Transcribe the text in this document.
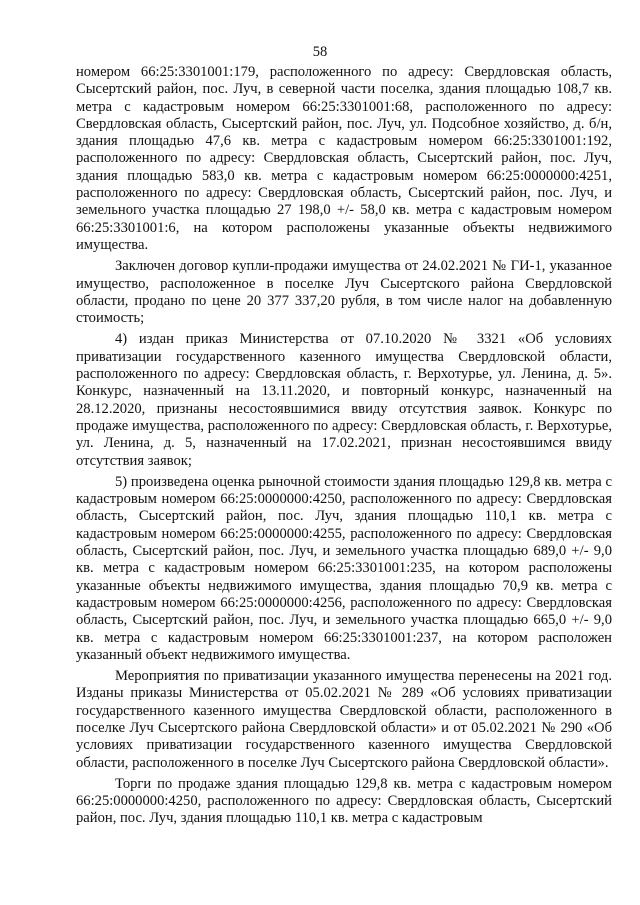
58

номером 66:25:3301001:179, расположенного по адресу: Свердловская область, Сысертский район, пос. Луч, в северной части поселка, здания площадью 108,7 кв. метра с кадастровым номером 66:25:3301001:68, расположенного по адресу: Свердловская область, Сысертский район, пос. Луч, ул. Подсобное хозяйство, д. б/н, здания площадью 47,6 кв. метра с кадастровым номером 66:25:3301001:192, расположенного по адресу: Свердловская область, Сысертский район, пос. Луч, здания площадью 583,0 кв. метра с кадастровым номером 66:25:0000000:4251, расположенного по адресу: Свердловская область, Сысертский район, пос. Луч, и земельного участка площадью 27 198,0 +/- 58,0 кв. метра с кадастровым номером 66:25:3301001:6, на котором расположены указанные объекты недвижимого имущества.

Заключен договор купли-продажи имущества от 24.02.2021 № ГИ-1, указанное имущество, расположенное в поселке Луч Сысертского района Свердловской области, продано по цене 20 377 337,20 рубля, в том числе налог на добавленную стоимость;

4) издан приказ Министерства от 07.10.2020 № 3321 «Об условиях приватизации государственного казенного имущества Свердловской области, расположенного по адресу: Свердловская область, г. Верхотурье, ул. Ленина, д. 5». Конкурс, назначенный на 13.11.2020, и повторный конкурс, назначенный на 28.12.2020, признаны несостоявшимися ввиду отсутствия заявок. Конкурс по продаже имущества, расположенного по адресу: Свердловская область, г. Верхотурье, ул. Ленина, д. 5, назначенный на 17.02.2021, признан несостоявшимся ввиду отсутствия заявок;

5) произведена оценка рыночной стоимости здания площадью 129,8 кв. метра с кадастровым номером 66:25:0000000:4250, расположенного по адресу: Свердловская область, Сысертский район, пос. Луч, здания площадью 110,1 кв. метра с кадастровым номером 66:25:0000000:4255, расположенного по адресу: Свердловская область, Сысертский район, пос. Луч, и земельного участка площадью 689,0 +/- 9,0 кв. метра с кадастровым номером 66:25:3301001:235, на котором расположены указанные объекты недвижимого имущества, здания площадью 70,9 кв. метра с кадастровым номером 66:25:0000000:4256, расположенного по адресу: Свердловская область, Сысертский район, пос. Луч, и земельного участка площадью 665,0 +/- 9,0 кв. метра с кадастровым номером 66:25:3301001:237, на котором расположен указанный объект недвижимого имущества.

Мероприятия по приватизации указанного имущества перенесены на 2021 год. Изданы приказы Министерства от 05.02.2021 № 289 «Об условиях приватизации государственного казенного имущества Свердловской области, расположенного в поселке Луч Сысертского района Свердловской области» и от 05.02.2021 № 290 «Об условиях приватизации государственного казенного имущества Свердловской области, расположенного в поселке Луч Сысертского района Свердловской области».

Торги по продаже здания площадью 129,8 кв. метра с кадастровым номером 66:25:0000000:4250, расположенного по адресу: Свердловская область, Сысертский район, пос. Луч, здания площадью 110,1 кв. метра с кадастровым
